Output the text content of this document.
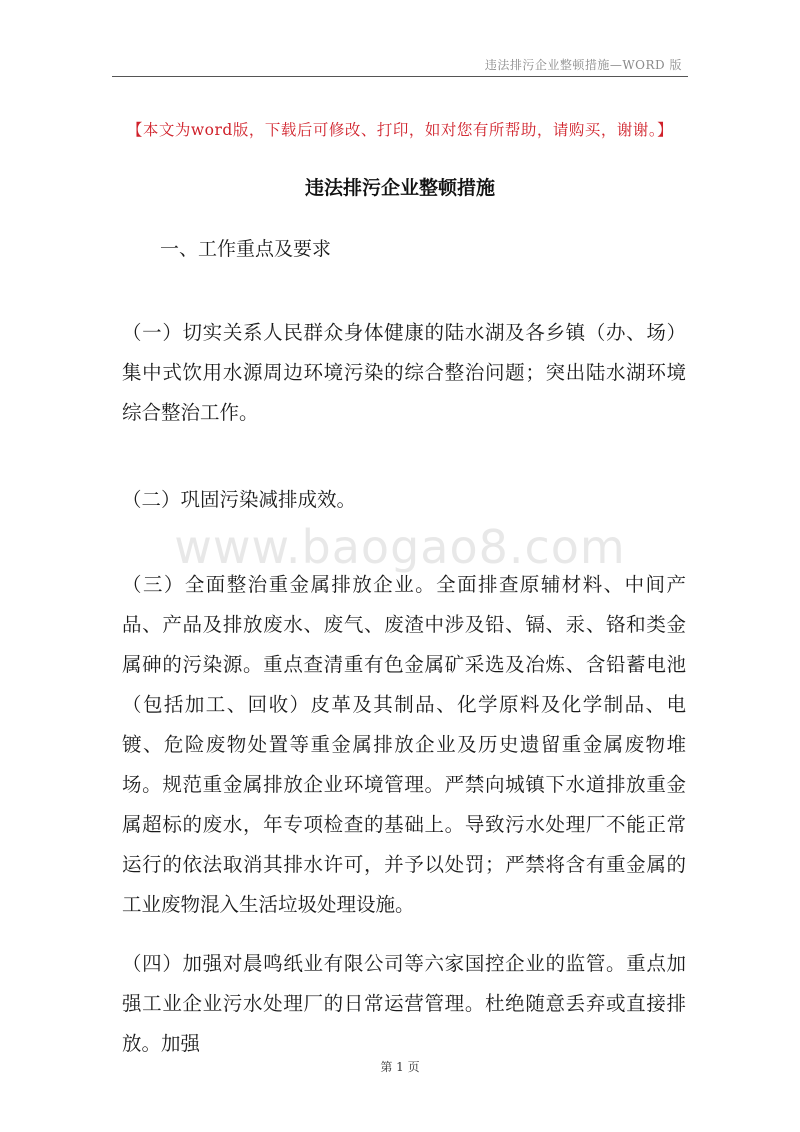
违法排污企业整顿措施—WORD 版
【本文为word版，下载后可修改、打印，如对您有所帮助，请购买，谢谢。】
违法排污企业整顿措施
一、工作重点及要求

（一）切实关系人民群众身体健康的陆水湖及各乡镇（办、场）集中式饮用水源周边环境污染的综合整治问题；突出陆水湖环境综合整治工作。

（二）巩固污染减排成效。

www.baogao8.com

（三）全面整治重金属排放企业。全面排查原辅材料、中间产品、产品及排放废水、废气、废渣中涉及铅、镉、汞、铬和类金属砷的污染源。重点查清重有色金属矿采选及冶炼、含铅蓄电池（包括加工、回收）皮革及其制品、化学原料及化学制品、电镀、危险废物处置等重金属排放企业及历史遗留重金属废物堆场。规范重金属排放企业环境管理。严禁向城镇下水道排放重金属超标的废水，年专项检查的基础上。导致污水处理厂不能正常运行的依法取消其排水许可，并予以处罚；严禁将含有重金属的工业废物混入生活垃圾处理设施。

（四）加强对晨鸣纸业有限公司等六家国控企业的监管。重点加强工业企业污水处理厂的日常运营管理。杜绝随意丢弃或直接排放。加强

第 1 页
